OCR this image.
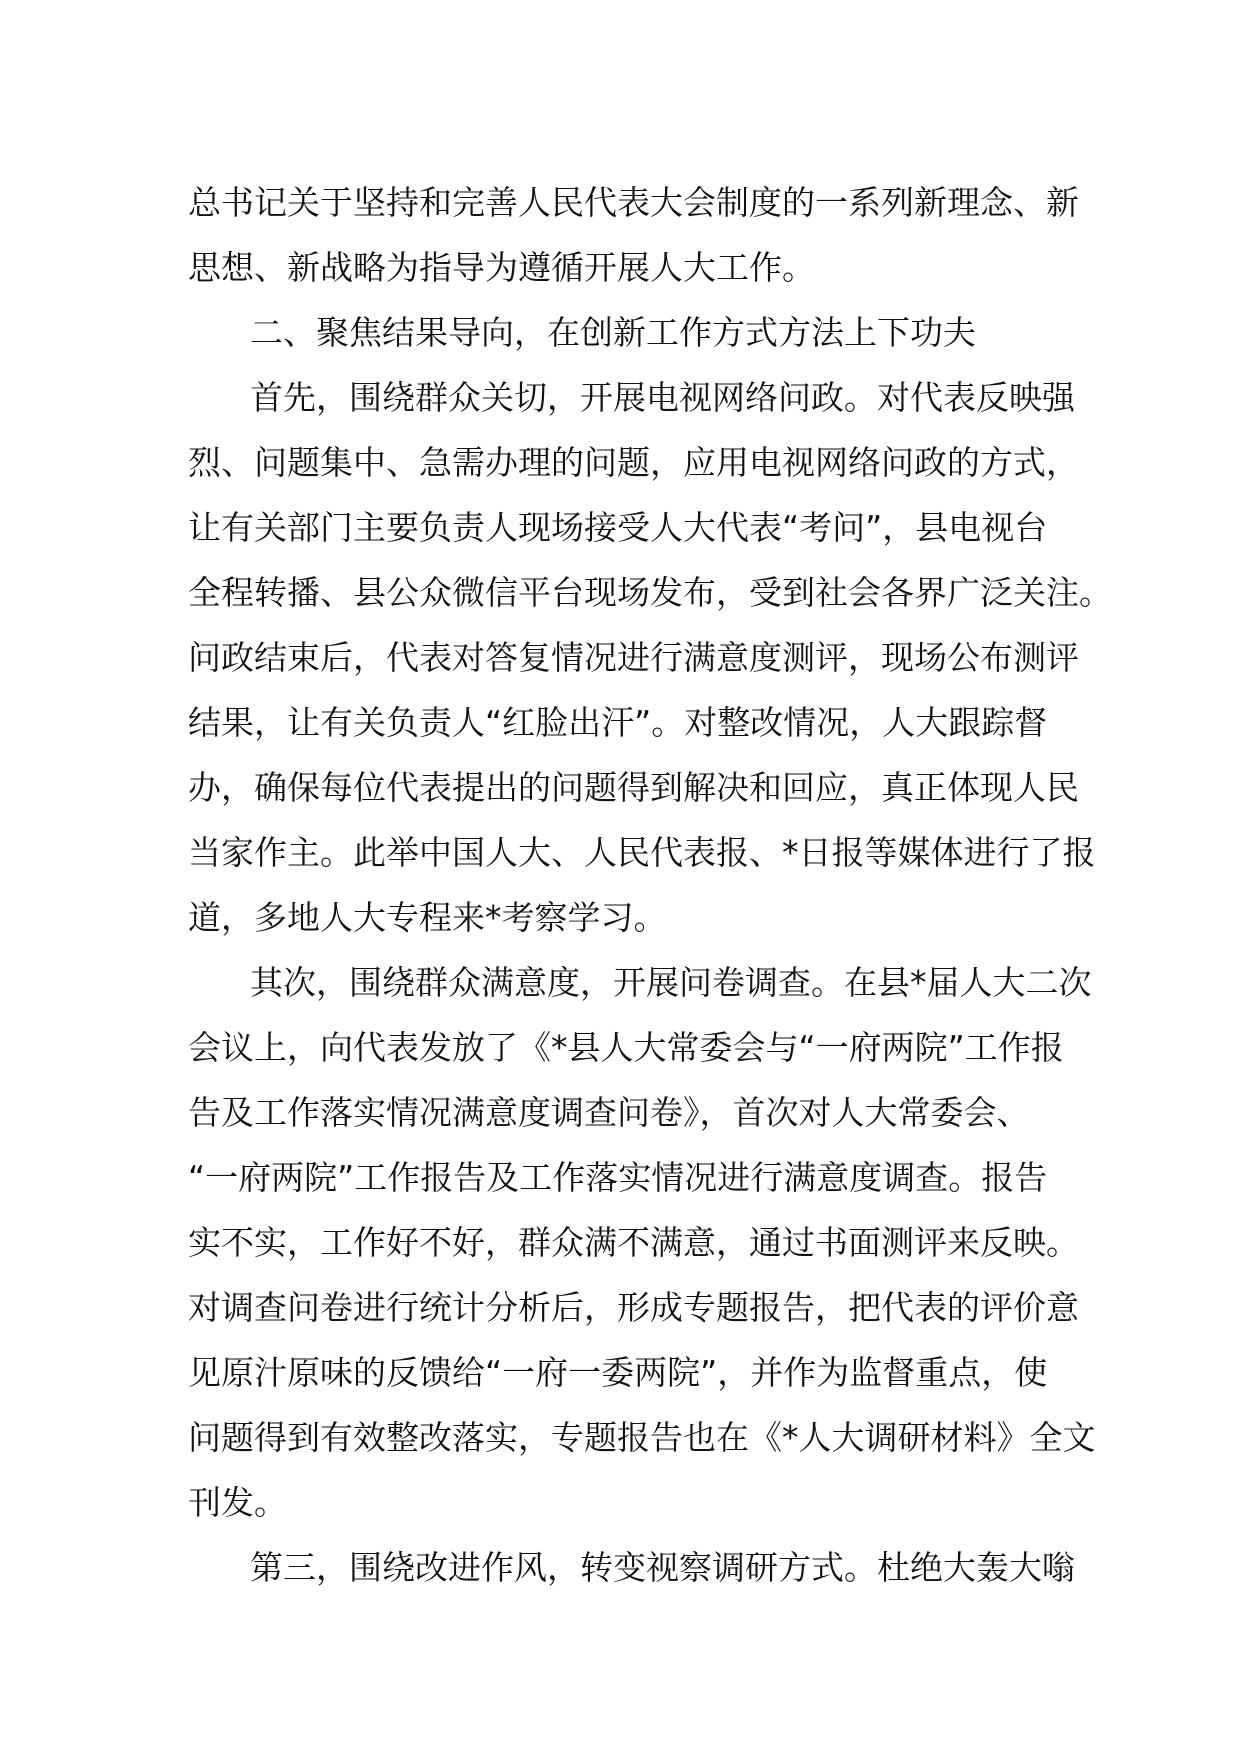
总书记关于坚持和完善人民代表大会制度的一系列新理念、新
思想、新战略为指导为遵循开展人大工作。
二、聚焦结果导向，在创新工作方式方法上下功夫
首先，围绕群众关切，开展电视网络问政。对代表反映强
烈、问题集中、急需办理的问题，应用电视网络问政的方式，
让有关部门主要负责人现场接受人大代表“考问”，县电视台
全程转播、县公众微信平台现场发布，受到社会各界广泛关注。
问政结束后，代表对答复情况进行满意度测评，现场公布测评
结果，让有关负责人“红脸出汗”。对整改情况，人大跟踪督
办，确保每位代表提出的问题得到解决和回应，真正体现人民
当家作主。此举中国人大、人民代表报、*日报等媒体进行了报
道，多地人大专程来*考察学习。
其次，围绕群众满意度，开展问卷调查。在县*届人大二次
会议上，向代表发放了《*县人大常委会与“一府两院”工作报
告及工作落实情况满意度调查问卷》，首次对人大常委会、
“一府两院”工作报告及工作落实情况进行满意度调查。报告
实不实，工作好不好，群众满不满意，通过书面测评来反映。
对调查问卷进行统计分析后，形成专题报告，把代表的评价意
见原汁原味的反馈给“一府一委两院”，并作为监督重点，使
问题得到有效整改落实，专题报告也在《*人大调研材料》全文
刊发。
第三，围绕改进作风，转变视察调研方式。杜绝大轰大嗡
